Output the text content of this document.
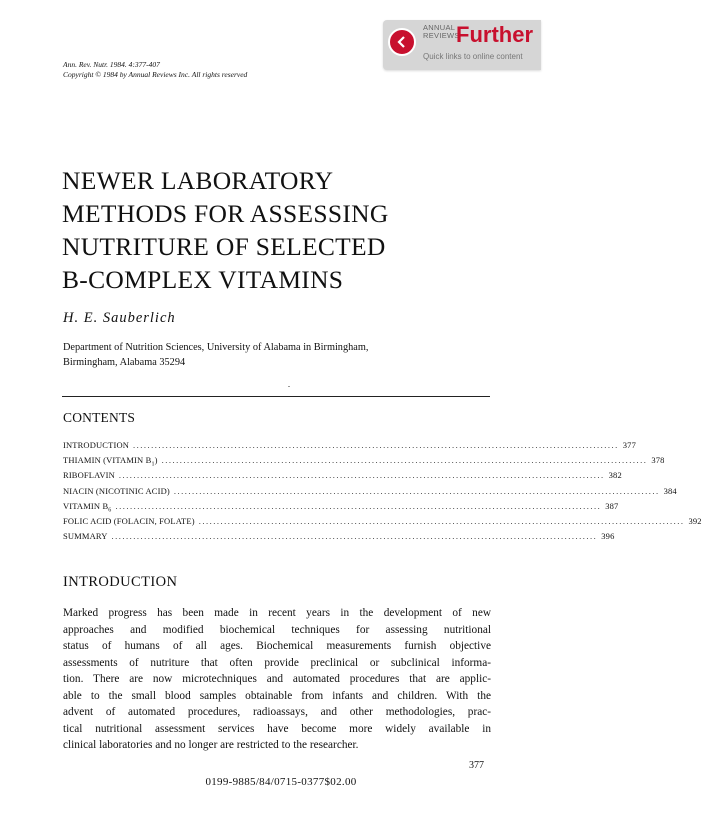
ANNUAL
REVIEWS
Further
Quick links to online content
Ann. Rev. Nutr. 1984. 4:377-407
Copyright © 1984 by Annual Reviews Inc. All rights reserved
NEWER LABORATORY
METHODS FOR ASSESSING
NUTRITURE OF SELECTED
B-COMPLEX VITAMINS
H. E. Sauberlich
Department of Nutrition Sciences, University of Alabama in Birmingham,
Birmingham, Alabama 35294
CONTENTS
INTRODUCTION ...................................................................................................................................... 377
THIAMIN (VITAMIN $B_1$) ...................................................................................................................................... 378
RIBOFLAVIN ...................................................................................................................................... 382
NIACIN (NICOTINIC ACID) ...................................................................................................................................... 384
VITAMIN $B_6$ ...................................................................................................................................... 387
FOLIC ACID (FOLACIN, FOLATE) ...................................................................................................................................... 392
SUMMARY ...................................................................................................................................... 396
INTRODUCTION
Marked progress has been made in recent years in the development of new
approaches and modified biochemical techniques for assessing nutritional
status of humans of all ages. Biochemical measurements furnish objective
assessments of nutriture that often provide preclinical or subclinical informa-
tion. There are now microtechniques and automated procedures that are applic-
able to the small blood samples obtainable from infants and children. With the
advent of automated procedures, radioassays, and other methodologies, prac-
tical nutritional assessment services have become more widely available in
clinical laboratories and no longer are restricted to the researcher.
377
0199-9885/84/0715-0377$02.00
